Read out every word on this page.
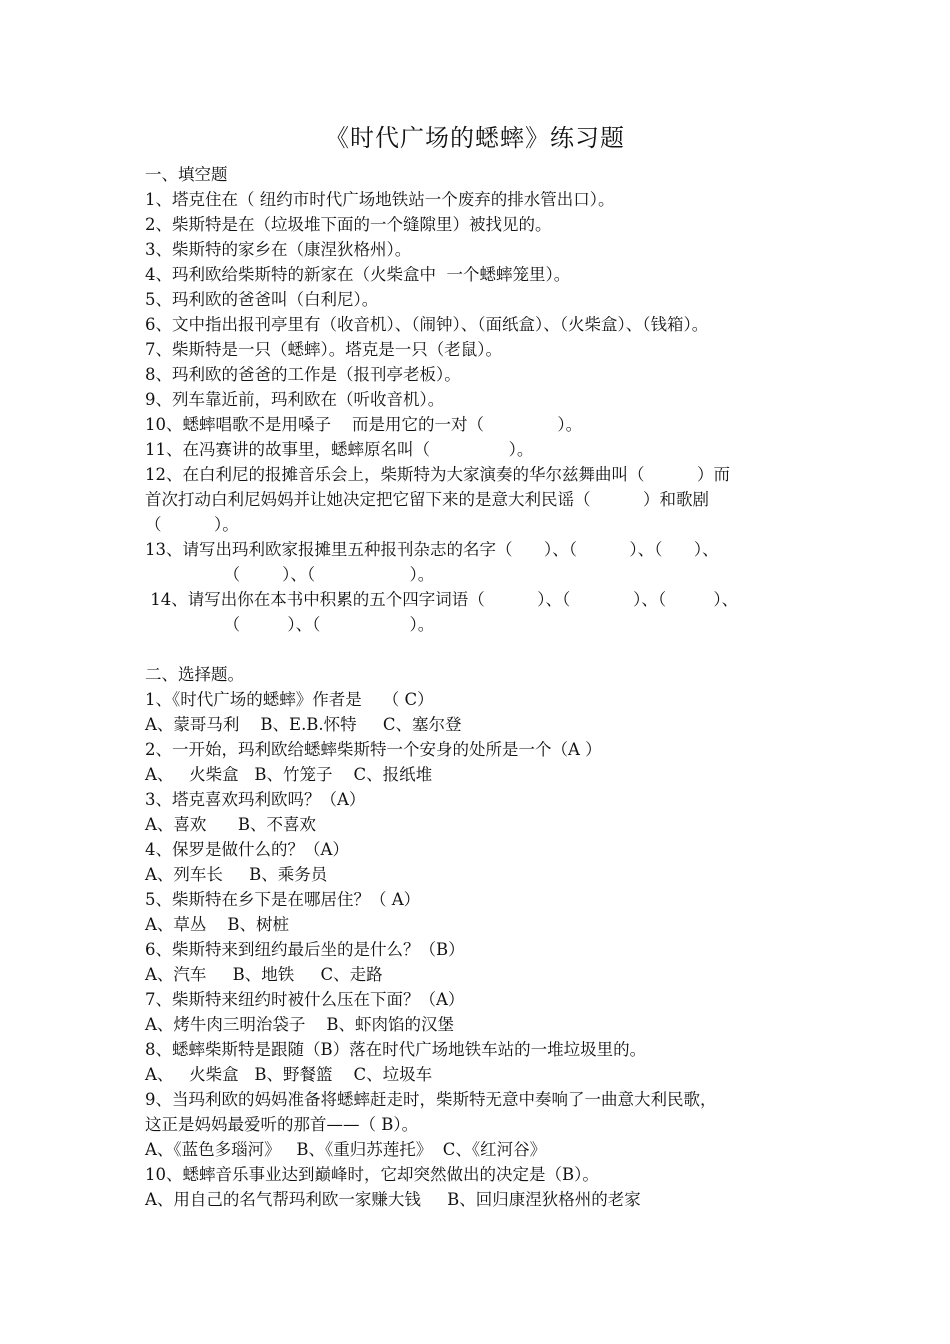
《时代广场的蟋蟀》练习题
一、填空题
1、塔克住在（ 纽约市时代广场地铁站一个废弃的排水管出口）。
2、柴斯特是在（垃圾堆下面的一个缝隙里）被找见的。
3、柴斯特的家乡在（康涅狄格州）。
4、玛利欧给柴斯特的新家在（火柴盒中  一个蟋蟀笼里）。
5、玛利欧的爸爸叫（白利尼）。
6、文中指出报刊亭里有（收音机）、（闹钟）、（面纸盒）、（火柴盒）、（钱箱）。
7、柴斯特是一只（蟋蟀）。塔克是一只（老鼠）。
8、玛利欧的爸爸的工作是（报刊亭老板）。
9、列车靠近前，玛利欧在（听收音机）。
10、蟋蟀唱歌不是用嗓子    而是用它的一对（              ）。
11、在冯赛讲的故事里，蟋蟀原名叫（               ）。
12、在白利尼的报摊音乐会上，柴斯特为大家演奏的华尔兹舞曲叫（          ）而
首次打动白利尼妈妈并让她决定把它留下来的是意大利民谣（          ）和歌剧
（          ）。
13、请写出玛利欧家报摊里五种报刊杂志的名字（      ）、（          ）、（      ）、
（        ）、（                  ）。
14、请写出你在本书中积累的五个四字词语（          ）、（            ）、（         ）、
（         ）、（                 ）。
二、选择题。
1、《时代广场的蟋蟀》作者是    （ C）
A、蒙哥马利    B、E.B.怀特     C、塞尔登
2、一开始，玛利欧给蟋蟀柴斯特一个安身的处所是一个（A ）
A、   火柴盒   B、竹笼子    C、报纸堆
3、塔克喜欢玛利欧吗？（A）
A、喜欢      B、不喜欢
4、保罗是做什么的？（A）
A、列车长     B、乘务员
5、柴斯特在乡下是在哪居住？（ A）
A、草丛    B、树桩
6、柴斯特来到纽约最后坐的是什么？（B）
A、汽车     B、地铁     C、走路
7、柴斯特来纽约时被什么压在下面？（A）
A、烤牛肉三明治袋子    B、虾肉馅的汉堡
8、蟋蟀柴斯特是跟随（B）落在时代广场地铁车站的一堆垃圾里的。
A、   火柴盒   B、野餐篮    C、垃圾车
9、当玛利欧的妈妈准备将蟋蟀赶走时，柴斯特无意中奏响了一曲意大利民歌，
这正是妈妈最爱听的那首——（ B）。
A、《蓝色多瑙河》   B、《重归苏莲托》  C、《红河谷》
10、蟋蟀音乐事业达到巅峰时，它却突然做出的决定是（B）。
A、用自己的名气帮玛利欧一家赚大钱     B、回归康涅狄格州的老家
